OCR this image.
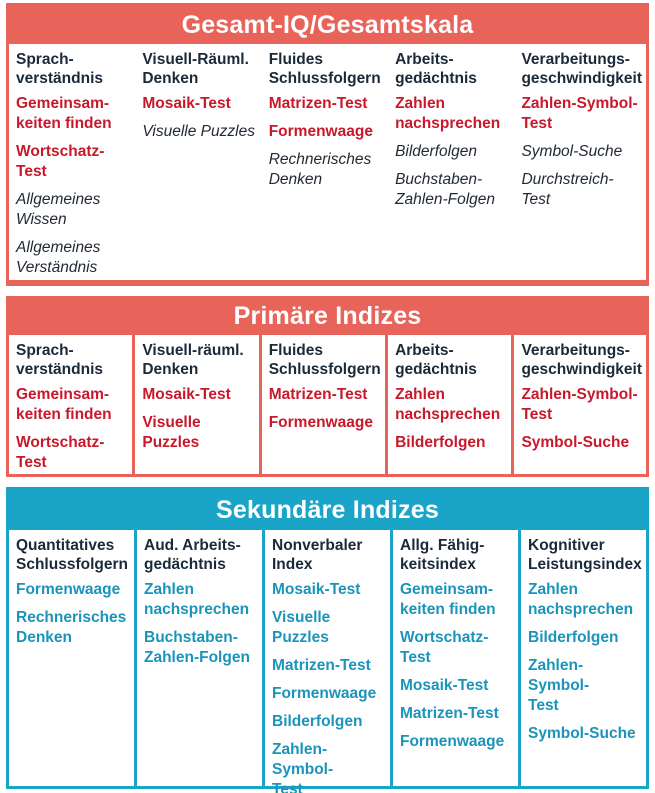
Gesamt-IQ/Gesamtskala
Sprach-
verständnis
Gemeinsam-
keiten finden
Wortschatz-
Test
Allgemeines
Wissen
Allgemeines
Verständnis
Visuell-Räuml.
Denken
Mosaik-Test
Visuelle Puzzles
Fluides
Schlussfolgern
Matrizen-Test
Formenwaage
Rechnerisches
Denken
Arbeits-
gedächtnis
Zahlen
nachsprechen
Bilderfolgen
Buchstaben-
Zahlen-Folgen
Verarbeitungs-
geschwindigkeit
Zahlen-Symbol-
Test
Symbol-Suche
Durchstreich-Test
Primäre Indizes
Sprach-
verständnis
Gemeinsam-
keiten finden
Wortschatz-
Test
Visuell-räuml.
Denken
Mosaik-Test
Visuelle
Puzzles
Fluides
Schlussfolgern
Matrizen-Test
Formenwaage
Arbeits-
gedächtnis
Zahlen
nachsprechen
Bilderfolgen
Verarbeitungs-
geschwindigkeit
Zahlen-Symbol-
Test
Symbol-Suche
Sekundäre Indizes
Quantitatives
Schlussfolgern
Formenwaage
Rechnerisches
Denken
Aud. Arbeits-
gedächtnis
Zahlen
nachsprechen
Buchstaben-
Zahlen-Folgen
Nonverbaler
Index
Mosaik-Test
Visuelle
Puzzles
Matrizen-Test
Formenwaage
Bilderfolgen
Zahlen-Symbol-
Test
Allg. Fähig-
keitsindex
Gemeinsam-
keiten finden
Wortschatz-
Test
Mosaik-Test
Matrizen-Test
Formenwaage
Kognitiver
Leistungsindex
Zahlen
nachsprechen
Bilderfolgen
Zahlen-Symbol-
Test
Symbol-Suche
